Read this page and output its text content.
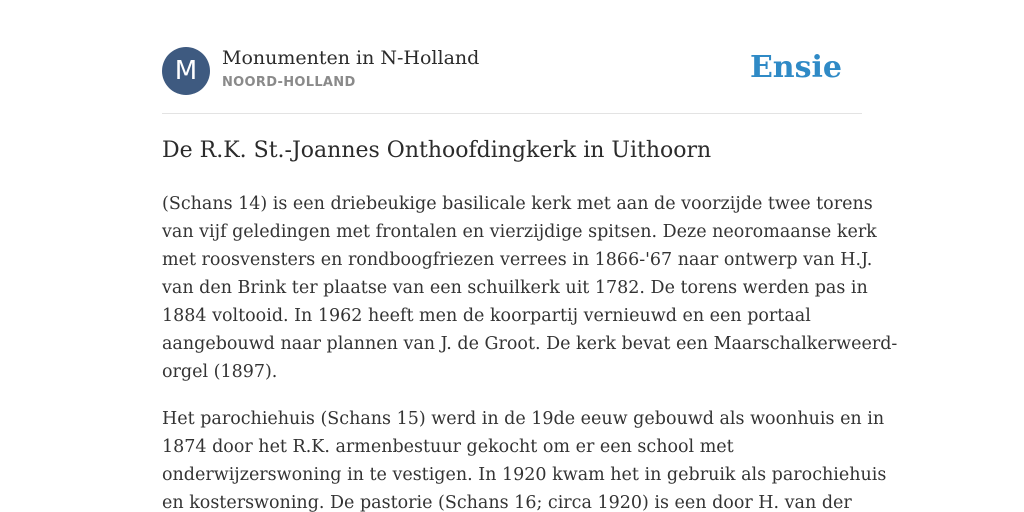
M	Monumenten in N-Holland
NOORD-HOLLAND	Ensie
De R.K. St.-Joannes Onthoofdingkerk in Uithoorn

(Schans 14) is een driebeukige basilicale kerk met aan de voorzijde twee torens
van vijf geledingen met frontalen en vierzijdige spitsen. Deze neoromaanse kerk
met roosvensters en rondboogfriezen verrees in 1866-'67 naar ontwerp van H.J.
van den Brink ter plaatse van een schuilkerk uit 1782. De torens werden pas in
1884 voltooid. In 1962 heeft men de koorpartij vernieuwd en een portaal
aangebouwd naar plannen van J. de Groot. De kerk bevat een Maarschalkerweerd-
orgel (1897).

Het parochiehuis (Schans 15) werd in de 19de eeuw gebouwd als woonhuis en in
1874 door het R.K. armenbestuur gekocht om er een school met
onderwijzerswoning in te vestigen. In 1920 kwam het in gebruik als parochiehuis
en kosterswoning. De pastorie (Schans 16; circa 1920) is een door H. van der
